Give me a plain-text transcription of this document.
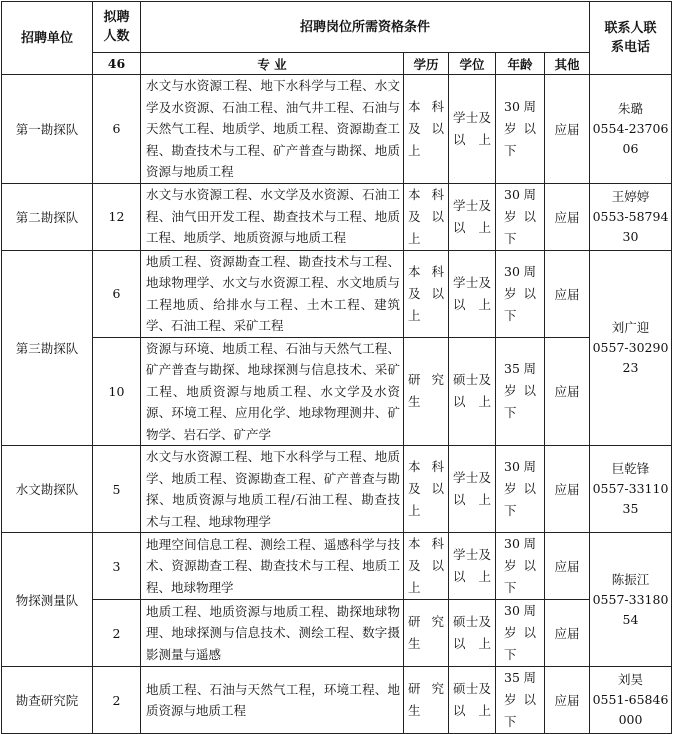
招聘单位	拟聘人数	招聘岗位所需资格条件					联系人联系电话
	46	专 业	学历	学位	年龄	其他	
第一勘探队	6	水文与水资源工程、地下水科学与工程、水文学及水资源、石油工程、油气井工程、石油与天然气工程、地质学、地质工程、资源勘查工程、勘查技术与工程、矿产普查与勘探、地质资源与地质工程	本科及以上	学士及以上	30周岁以下	应届	朱璐
0554-2370606

第二勘探队	12	水文与水资源工程、水文学及水资源、石油工程、油气田开发工程、勘查技术与工程、地质工程、地质学、地质资源与地质工程	本科及以上	学士及以上	30周岁以下	应届	王婷婷
0553-5879430

第三勘探队	6	地质工程、资源勘查工程、勘查技术与工程、地球物理学、水文与水资源工程、水文地质与工程地质、给排水与工程、土木工程、建筑学、石油工程、采矿工程	本科及以上	学士及以上	30周岁以下	应届	刘广迎
0557-3029023

	10	资源与环境、地质工程、石油与天然气工程、矿产普查与勘探、地球探测与信息技术、采矿工程、地质资源与地质工程、水文学及水资源、环境工程、应用化学、地球物理测井、矿物学、岩石学、矿产学	研究生	硕士及以上	35周岁以下	应届	
水文勘探队	5	水文与水资源工程、地下水科学与工程、地质学、地质工程、资源勘查工程、矿产普查与勘探、地质资源与地质工程/石油工程、勘查技术与工程、地球物理学	本科及以上	学士及以上	30周岁以下	应届	巨乾锋
0557-3311035

物探测量队	3	地理空间信息工程、测绘工程、遥感科学与技术、资源勘查工程、勘查技术与工程、地质工程、地球物理学	本科及以上	学士及以上	30周岁以下	应届	陈振江
0557-3318054

	2	地质工程、地质资源与地质工程、勘探地球物理、地球探测与信息技术、测绘工程、数字摄影测量与遥感	研究生	硕士及以上	30周岁以下	应届	
勘查研究院	2	地质工程、石油与天然气工程，环境工程、地质资源与地质工程	研究生	硕士及以上	35周岁以下	应届	刘昊
0551-65846000
